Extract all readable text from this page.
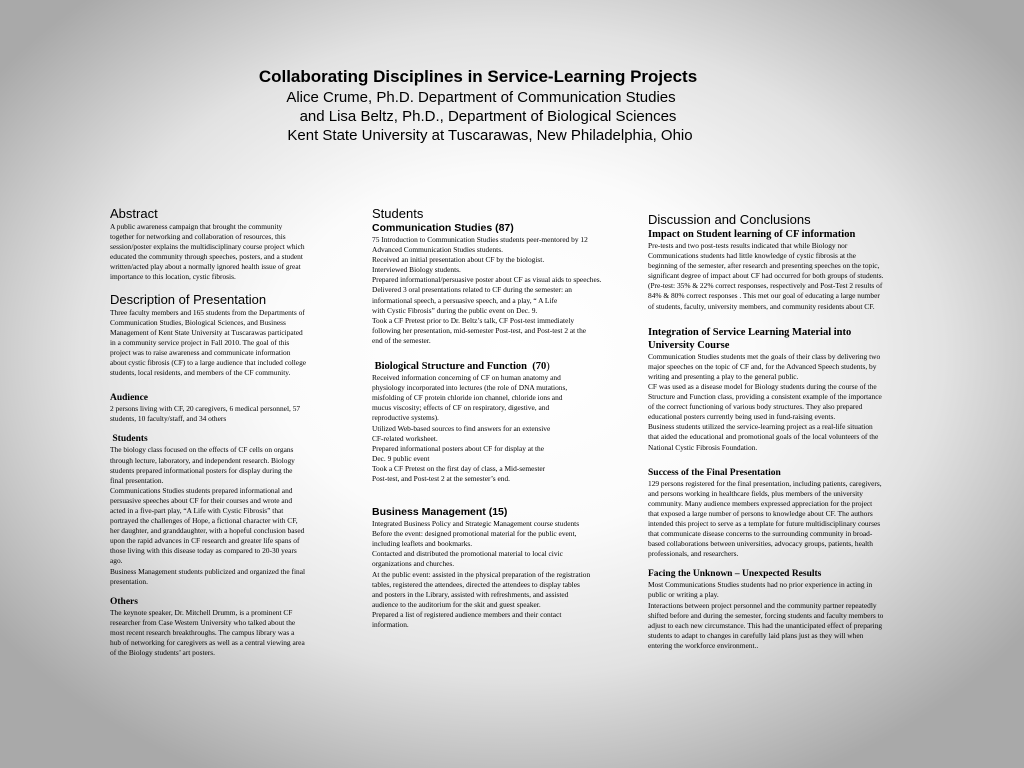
Collaborating Disciplines in Service-Learning Projects
Alice Crume, Ph.D. Department of Communication Studies
and Lisa Beltz, Ph.D., Department of Biological Sciences
Kent State University at Tuscarawas, New Philadelphia, Ohio
Abstract
A public awareness campaign that brought the community
together for networking and collaboration of resources, this
session/poster explains the multidisciplinary course project which
educated the community through speeches, posters, and a student
written/acted play about a normally ignored health issue of great
importance to this location, cystic fibrosis.
Description of Presentation
Three faculty members and 165 students from the Departments of
Communication Studies, Biological Sciences, and Business
Management of Kent State University at Tuscarawas participated
in a community service project in Fall 2010. The goal of this
project was to raise awareness and communicate information
about cystic fibrosis (CF) to a large audience that included college
students, local residents, and members of the CF community.
Audience
2 persons living with CF, 20 caregivers, 6 medical personnel, 57
students, 10 faculty/staff, and 34 others
Students
The biology class focused on the effects of CF cells on organs
through lecture, laboratory, and independent research. Biology
students prepared informational posters for display during the
final presentation.
Communications Studies students prepared informational and
persuasive speeches about CF for their courses and wrote and
acted in a five-part play, “A Life with Cystic Fibrosis” that
portrayed the challenges of Hope, a fictional character with CF,
her daughter, and granddaughter, with a hopeful conclusion based
upon the rapid advances in CF research and greater life spans of
those living with this disease today as compared to 20-30 years
ago.
Business Management students publicized and organized the final
presentation.
Others
The keynote speaker, Dr. Mitchell Drumm, is a prominent CF
researcher from Case Western University who talked about the
most recent research breakthroughs. The campus library was a
hub of networking for caregivers as well as a central viewing area
of the Biology students’ art posters.
Students
Communication Studies (87)
75 Introduction to Communication Studies students peer-mentored by 12
Advanced Communication Studies students.
Received an initial presentation about CF by the biologist.
Interviewed Biology students.
Prepared informational/persuasive poster about CF as visual aids to speeches.
Delivered 3 oral presentations related to CF during the semester: an
informational speech, a persuasive speech, and a play, “ A Life
with Cystic Fibrosis” during the public event on Dec. 9.
Took a CF Pretest prior to Dr. Beltz’s talk, CF Post-test immediately
following her presentation, mid-semester Post-test, and Post-test 2 at the
end of the semester.
Biological Structure and Function  (70)
Received information concerning of CF on human anatomy and
physiology incorporated into lectures (the role of DNA mutations,
misfolding of CF protein chloride ion channel, chloride ions and
mucus viscosity; effects of CF on respiratory, digestive, and
reproductive systems).
Utilized Web-based sources to find answers for an extensive
CF-related worksheet.
Prepared informational posters about CF for display at the
Dec. 9 public event
Took a CF Pretest on the first day of class, a Mid-semester
Post-test, and Post-test 2 at the semester’s end.
Business Management (15)
Integrated Business Policy and Strategic Management course students
Before the event: designed promotional material for the public event,
including leaflets and bookmarks.
Contacted and distributed the promotional material to local civic
organizations and churches.
At the public event: assisted in the physical preparation of the registration
tables, registered the attendees, directed the attendees to display tables
and posters in the Library, assisted with refreshments, and assisted
audience to the auditorium for the skit and guest speaker.
Prepared a list of registered audience members and their contact
information.
Discussion and Conclusions
Impact on Student learning of CF information
Pre-tests and two post-tests results indicated that while Biology nor
Communications students had little knowledge of cystic fibrosis at the
beginning of the semester, after research and presenting speeches on the topic,
significant degree of impact about CF had occurred for both groups of students.
(Pre-test: 35% & 22% correct responses, respectively and Post-Test 2 results of
84% & 80% correct responses . This met our goal of educating a large number
of students, faculty, university members, and community residents about CF.
Integration of Service Learning Material into
University Course
Communication Studies students met the goals of their class by delivering two
major speeches on the topic of CF and, for the Advanced Speech students, by
writing and presenting a play to the general public.
CF was used as a disease model for Biology students during the course of the
Structure and Function class, providing a consistent example of the importance
of the correct functioning of various body structures. They also prepared
educational posters currently being used in fund-raising events.
Business students utilized the service-learning project as a real-life situation
that aided the educational and promotional goals of the local volunteers of the
National Cystic Fibrosis Foundation.
Success of the Final Presentation
129 persons registered for the final presentation, including patients, caregivers,
and persons working in healthcare fields, plus members of the university
community. Many audience members expressed appreciation for the project
that exposed a large number of persons to knowledge about CF. The authors
intended this project to serve as a template for future multidisciplinary courses
that communicate disease concerns to the surrounding community in broad-
based collaborations between universities, advocacy groups, patients, health
professionals, and researchers.
Facing the Unknown – Unexpected Results
Most Communications Studies students had no prior experience in acting in
public or writing a play.
Interactions between project personnel and the community partner repeatedly
shifted before and during the semester, forcing students and faculty members to
adjust to each new circumstance. This had the unanticipated effect of preparing
students to adapt to changes in carefully laid plans just as they will when
entering the workforce environment..
